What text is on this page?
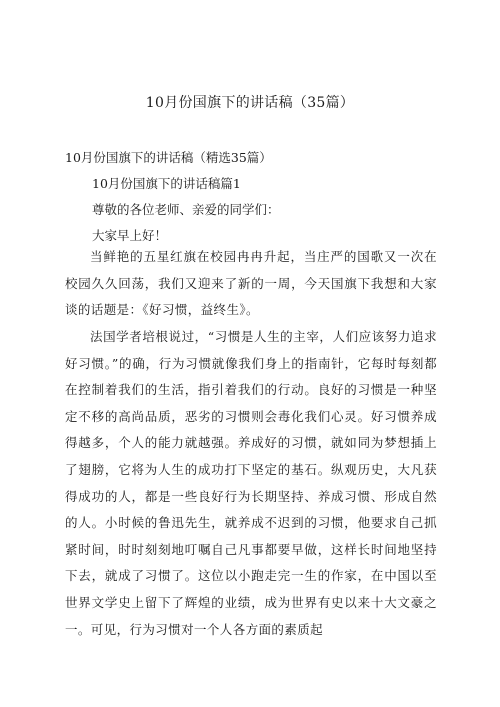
10月份国旗下的讲话稿（35篇）
10月份国旗下的讲话稿（精选35篇）
10月份国旗下的讲话稿篇1
尊敬的各位老师、亲爱的同学们：
大家早上好！

当鲜艳的五星红旗在校园冉冉升起，当庄严的国歌又一次在校园久久回荡，我们又迎来了新的一周，今天国旗下我想和大家谈的话题是：《好习惯，益终生》。

法国学者培根说过，“习惯是人生的主宰，人们应该努力追求好习惯。”的确，行为习惯就像我们身上的指南针，它每时每刻都在控制着我们的生活，指引着我们的行动。良好的习惯是一种坚定不移的高尚品质，恶劣的习惯则会毒化我们心灵。好习惯养成得越多，个人的能力就越强。养成好的习惯，就如同为梦想插上了翅膀，它将为人生的成功打下坚定的基石。纵观历史，大凡获得成功的人，都是一些良好行为长期坚持、养成习惯、形成自然的人。小时候的鲁迅先生，就养成不迟到的习惯，他要求自己抓紧时间，时时刻刻地叮嘱自己凡事都要早做，这样长时间地坚持下去，就成了习惯了。这位以小跑走完一生的作家，在中国以至世界文学史上留下了辉煌的业绩，成为世界有史以来十大文豪之一。可见，行为习惯对一个人各方面的素质起
